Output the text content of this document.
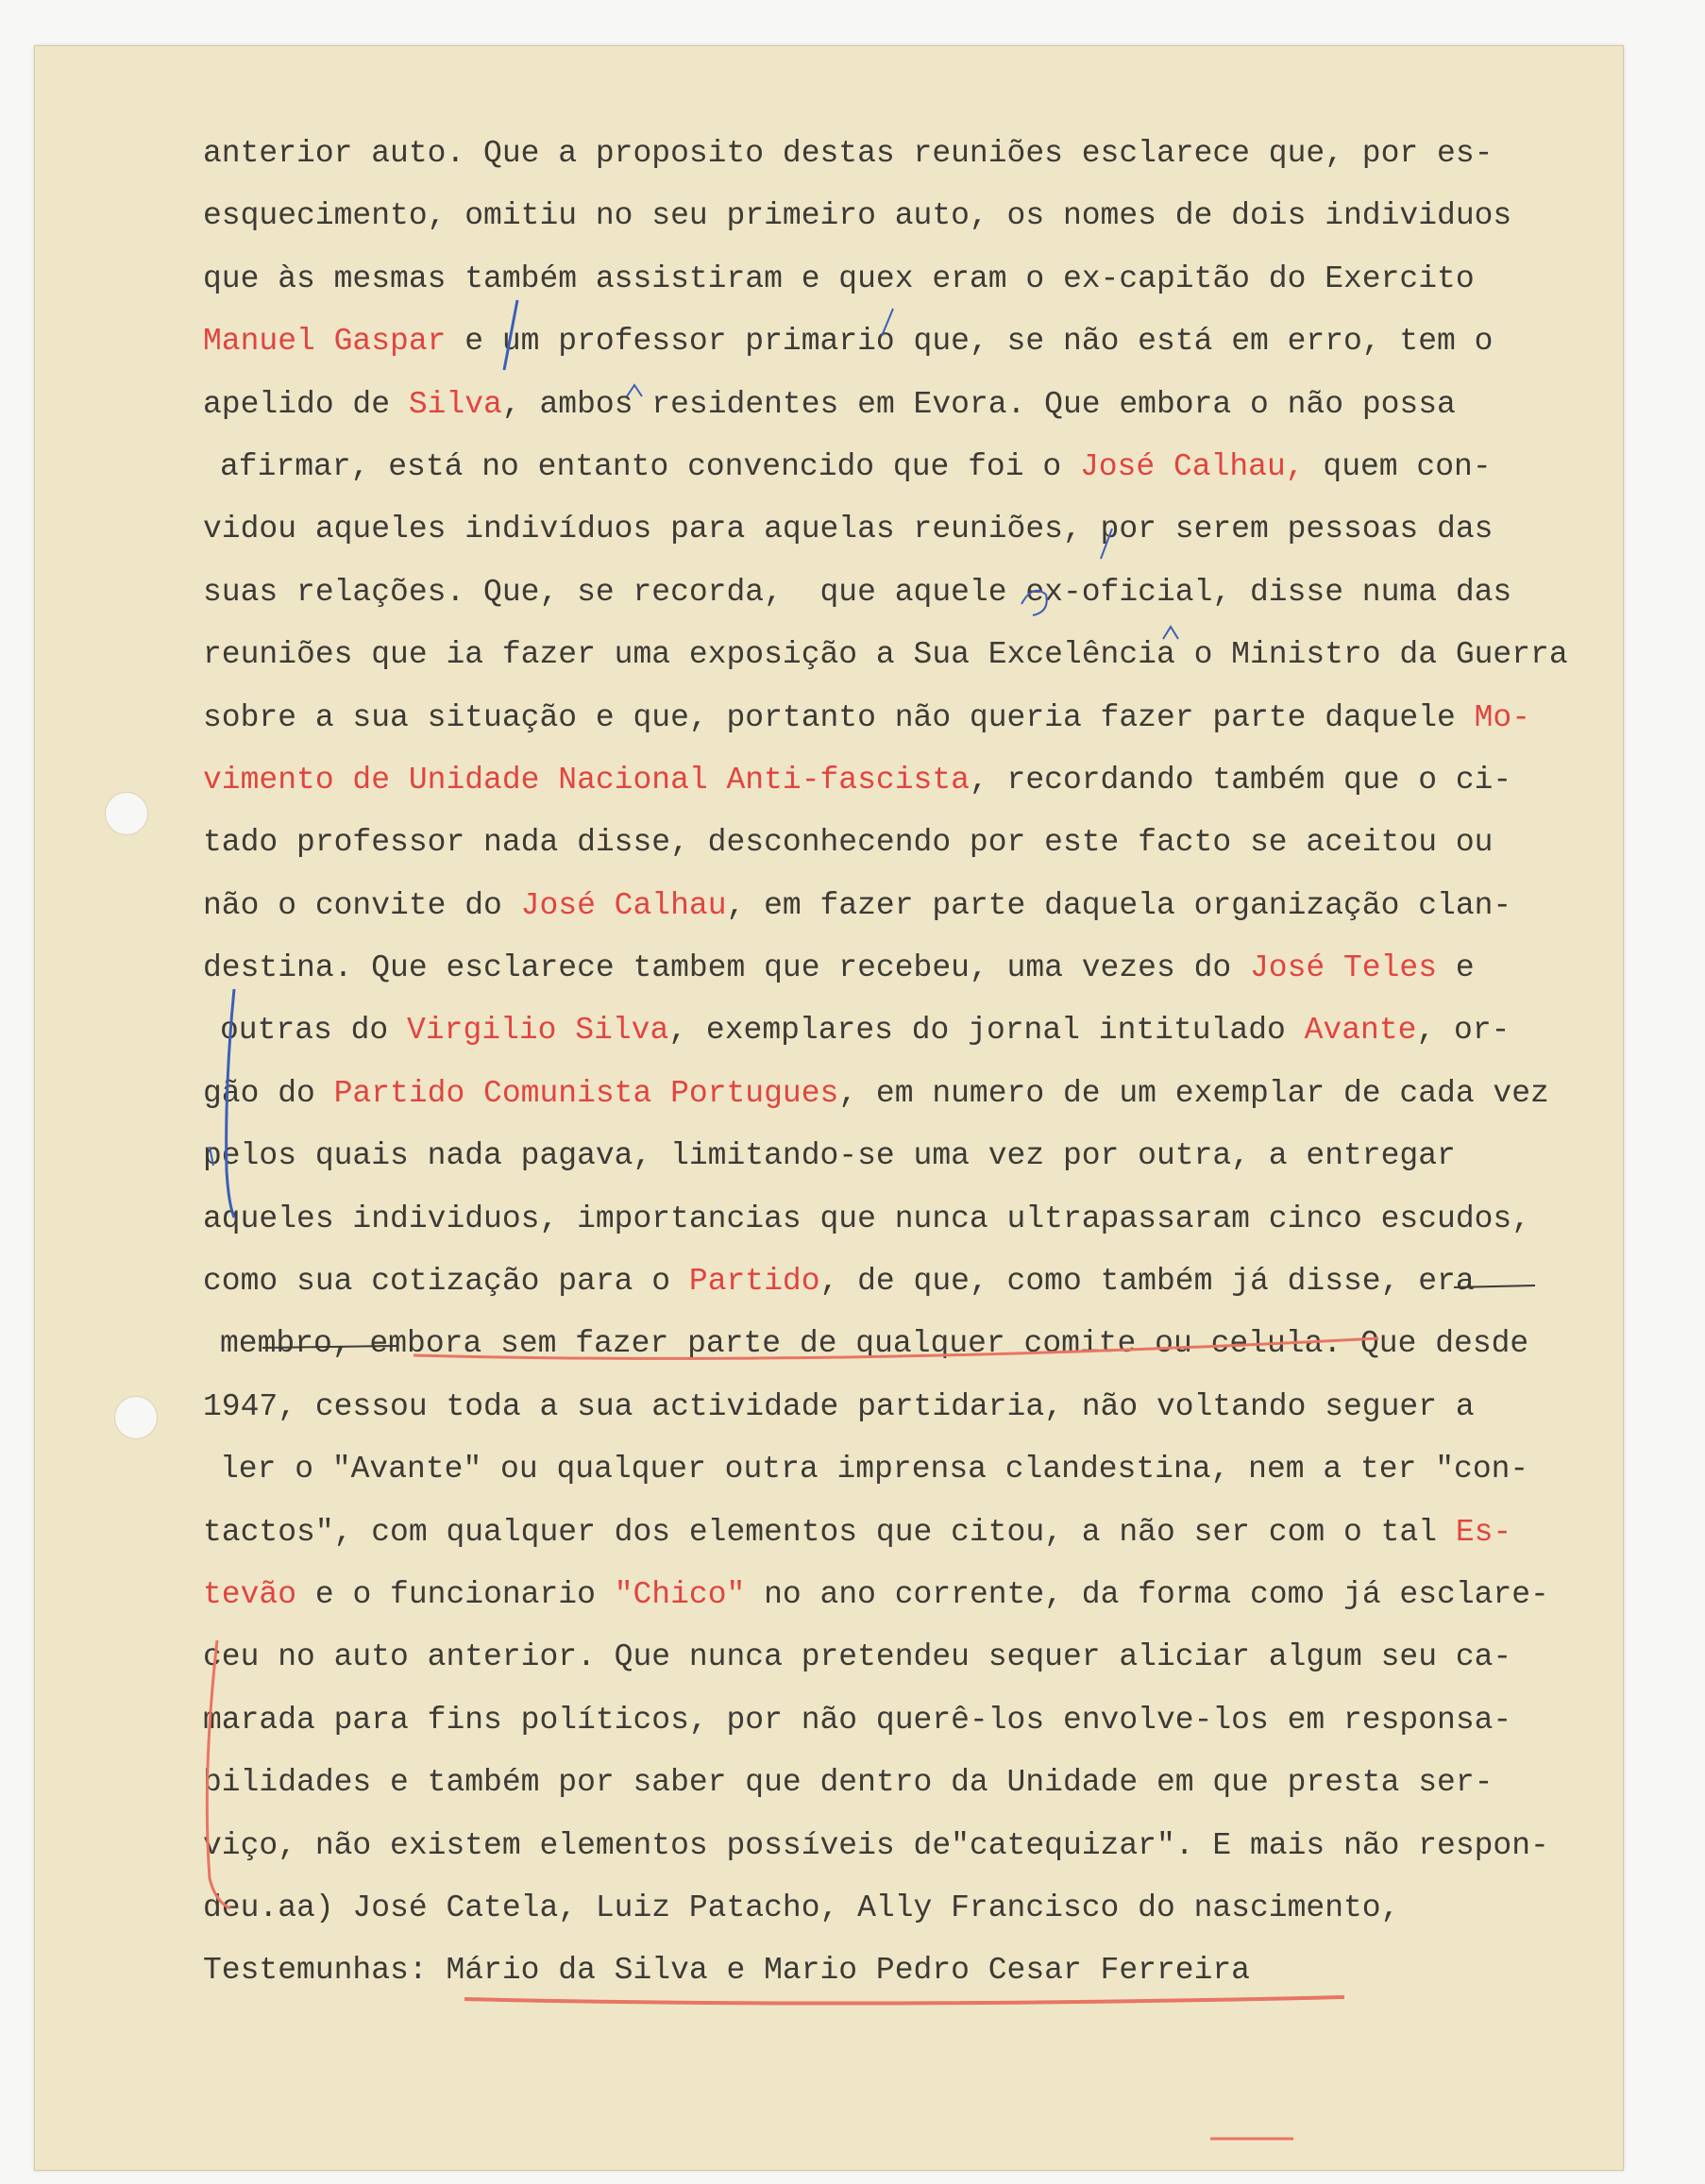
anterior auto. Que a proposito destas reuniões esclarece que, por es-
esquecimento, omitiu no seu primeiro auto, os nomes de dois individuos
que às mesmas também assistiram e quex eram o ex-capitão do Exercito
Manuel Gaspar e um professor primario que, se não está em erro, tem o
apelido de Silva, ambos residentes em Evora. Que embora o não possa
afirmar, está no entanto convencido que foi o José Calhau, quem con-
vidou aqueles indivíduos para aquelas reuniões, por serem pessoas das
suas relações. Que, se recorda,  que aquele ex-oficial, disse numa das
reuniões que ia fazer uma exposição a Sua Excelência o Ministro da Guerra
sobre a sua situação e que, portanto não queria fazer parte daquele Mo-
vimento de Unidade Nacional Anti-fascista, recordando também que o ci-
tado professor nada disse, desconhecendo por este facto se aceitou ou
não o convite do José Calhau, em fazer parte daquela organização clan-
destina. Que esclarece tambem que recebeu, uma vezes do José Teles e
outras do Virgilio Silva, exemplares do jornal intitulado Avante, or-
gão do Partido Comunista Portugues, em numero de um exemplar de cada vez
pelos quais nada pagava, limitando-se uma vez por outra, a entregar
aqueles individuos, importancias que nunca ultrapassaram cinco escudos,
como sua cotização para o Partido, de que, como também já disse, era
membro, embora sem fazer parte de qualquer comite ou celula. Que desde
1947, cessou toda a sua actividade partidaria, não voltando seguer a
ler o "Avante" ou qualquer outra imprensa clandestina, nem a ter "con-
tactos", com qualquer dos elementos que citou, a não ser com o tal Es-
tevão e o funcionario "Chico" no ano corrente, da forma como já esclare-
ceu no auto anterior. Que nunca pretendeu sequer aliciar algum seu ca-
marada para fins políticos, por não querê-los envolve-los em responsa-
bilidades e também por saber que dentro da Unidade em que presta ser-
viço, não existem elementos possíveis de"catequizar". E mais não respon-
deu.aa) José Catela, Luiz Patacho, Ally Francisco do nascimento,
Testemunhas: Mário da Silva e Mario Pedro Cesar Ferreira
